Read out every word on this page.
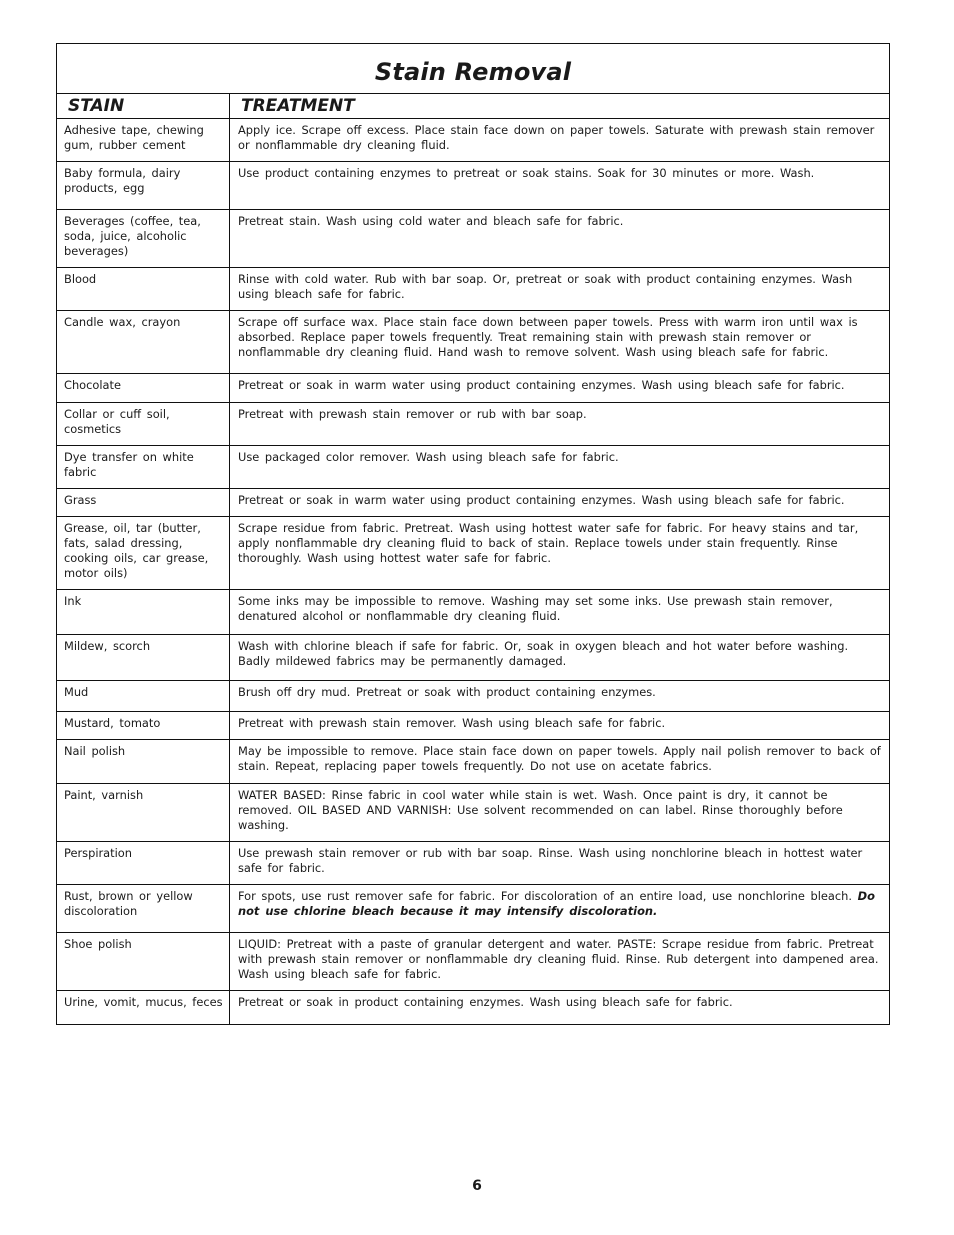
Stain Removal	
STAIN	TREATMENT
Adhesive tape, chewing gum, rubber cement	Apply ice. Scrape off excess. Place stain face down on paper towels. Saturate with prewash stain remover or nonflammable dry cleaning fluid.
Baby formula, dairy products, egg	Use product containing enzymes to pretreat or soak stains. Soak for 30 minutes or more. Wash.
Beverages (coffee, tea, soda, juice, alcoholic beverages)	Pretreat stain. Wash using cold water and bleach safe for fabric.
Blood	Rinse with cold water. Rub with bar soap. Or, pretreat or soak with product containing enzymes. Wash using bleach safe for fabric.
Candle wax, crayon	Scrape off surface wax. Place stain face down between paper towels. Press with warm iron until wax is absorbed. Replace paper towels frequently. Treat remaining stain with prewash stain remover or nonflammable dry cleaning fluid. Hand wash to remove solvent. Wash using bleach safe for fabric.
Chocolate	Pretreat or soak in warm water using product containing enzymes. Wash using bleach safe for fabric.
Collar or cuff soil, cosmetics	Pretreat with prewash stain remover or rub with bar soap.
Dye transfer on white fabric	Use packaged color remover. Wash using bleach safe for fabric.
Grass	Pretreat or soak in warm water using product containing enzymes. Wash using bleach safe for fabric.
Grease, oil, tar (butter, fats, salad dressing, cooking oils, car grease, motor oils)	Scrape residue from fabric. Pretreat. Wash using hottest water safe for fabric. For heavy stains and tar, apply nonflammable dry cleaning fluid to back of stain. Replace towels under stain frequently. Rinse thoroughly. Wash using hottest water safe for fabric.
Ink	Some inks may be impossible to remove. Washing may set some inks. Use prewash stain remover, denatured alcohol or nonflammable dry cleaning fluid.
Mildew, scorch	Wash with chlorine bleach if safe for fabric. Or, soak in oxygen bleach and hot water before washing. Badly mildewed fabrics may be permanently damaged.
Mud	Brush off dry mud. Pretreat or soak with product containing enzymes.
Mustard, tomato	Pretreat with prewash stain remover. Wash using bleach safe for fabric.
Nail polish	May be impossible to remove. Place stain face down on paper towels. Apply nail polish remover to back of stain. Repeat, replacing paper towels frequently. Do not use on acetate fabrics.
Paint, varnish	WATER BASED: Rinse fabric in cool water while stain is wet. Wash. Once paint is dry, it cannot be removed. OIL BASED AND VARNISH: Use solvent recommended on can label. Rinse thoroughly before washing.
Perspiration	Use prewash stain remover or rub with bar soap. Rinse. Wash using nonchlorine bleach in hottest water safe for fabric.
Rust, brown or yellow discoloration	For spots, use rust remover safe for fabric. For discoloration of an entire load, use nonchlorine bleach. Do not use chlorine bleach because it may intensify discoloration.
Shoe polish	LIQUID: Pretreat with a paste of granular detergent and water. PASTE: Scrape residue from fabric. Pretreat with prewash stain remover or nonflammable dry cleaning fluid. Rinse. Rub detergent into dampened area. Wash using bleach safe for fabric.
Urine, vomit, mucus, feces	Pretreat or soak in product containing enzymes. Wash using bleach safe for fabric.
6
